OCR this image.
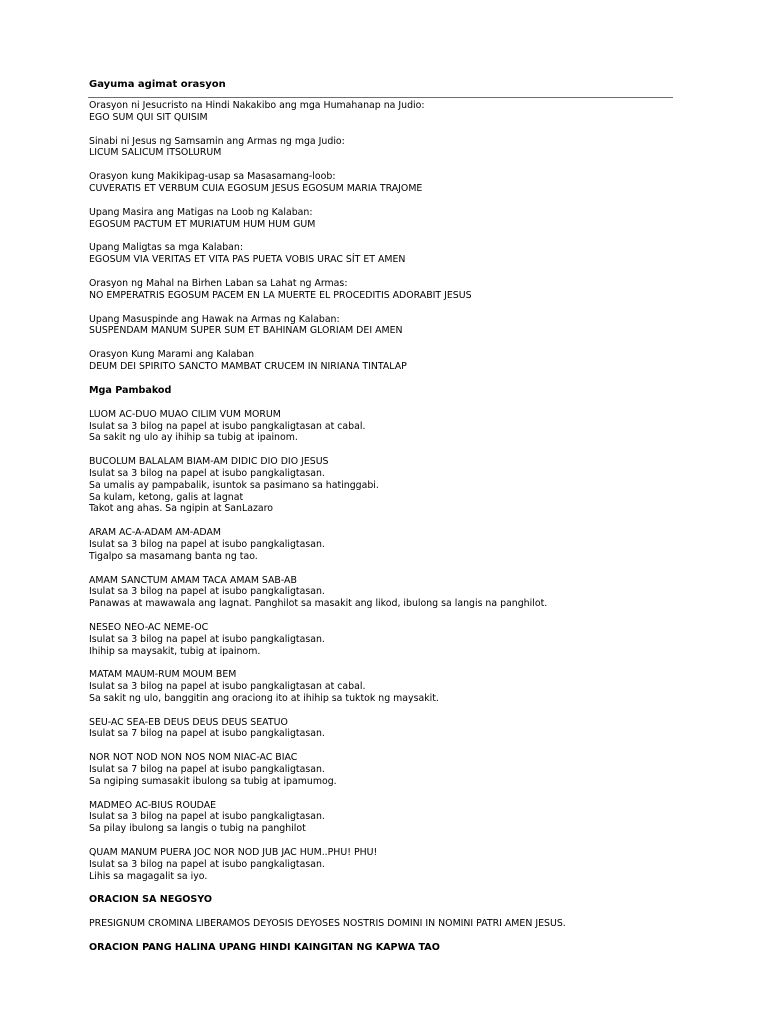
Gayuma agimat orasyon
Orasyon ni Jesucristo na Hindi Nakakibo ang mga Humahanap na Judio:
EGO SUM QUI SIT QUISIM
Sinabi ni Jesus ng Samsamin ang Armas ng mga Judio:
LICUM SALICUM ITSOLURUM
Orasyon kung Makikipag-usap sa Masasamang-loob:
CUVERATIS ET VERBUM CUIA EGOSUM JESUS EGOSUM MARIA TRAJOME
Upang Masira ang Matigas na Loob ng Kalaban:
EGOSUM PACTUM ET MURIATUM HUM HUM GUM
Upang Maligtas sa mga Kalaban:
EGOSUM VIA VERITAS ET VITA PAS PUETA VOBIS URAC SÍT ET AMEN
Orasyon ng Mahal na Birhen Laban sa Lahat ng Armas:
NO EMPERATRIS EGOSUM PACEM EN LA MUERTE EL PROCEDITIS ADORABIT JESUS
Upang Masuspinde ang Hawak na Armas ng Kalaban:
SUSPENDAM MANUM SUPER SUM ET BAHINAM GLORIAM DEI AMEN
Orasyon Kung Marami ang Kalaban
DEUM DEI SPIRITO SANCTO MAMBAT CRUCEM IN NIRIANA TINTALAP
Mga Pambakod
LUOM AC-DUO MUAO CILIM VUM MORUM
Isulat sa 3 bilog na papel at isubo pangkaligtasan at cabal.
Sa sakit ng ulo ay ihihip sa tubig at ipainom.
BUCOLUM BALALAM BIAM-AM DIDIC DIO DIO JESUS
Isulat sa 3 bilog na papel at isubo pangkaligtasan.
Sa umalis ay pampabalik, isuntok sa pasimano sa hatinggabi.
Sa kulam, ketong, galis at lagnat
Takot ang ahas. Sa ngipin at SanLazaro
ARAM AC-A-ADAM AM-ADAM
Isulat sa 3 bilog na papel at isubo pangkaligtasan.
Tigalpo sa masamang banta ng tao.
AMAM SANCTUM AMAM TACA AMAM SAB-AB
Isulat sa 3 bilog na papel at isubo pangkaligtasan.
Panawas at mawawala ang lagnat. Panghilot sa masakit ang likod, ibulong sa langis na panghilot.
NESEO NEO-AC NEME-OC
Isulat sa 3 bilog na papel at isubo pangkaligtasan.
Ihihip sa maysakit, tubig at ipainom.
MATAM MAUM-RUM MOUM BEM
Isulat sa 3 bilog na papel at isubo pangkaligtasan at cabal.
Sa sakit ng ulo, banggitin ang oraciong ito at ihihip sa tuktok ng maysakit.
SEU-AC SEA-EB DEUS DEUS DEUS SEATUO
Isulat sa 7 bilog na papel at isubo pangkaligtasan.
NOR NOT NOD NON NOS NOM NIAC-AC BIAC
Isulat sa 7 bilog na papel at isubo pangkaligtasan.
Sa ngiping sumasakit ibulong sa tubig at ipamumog.
MADMEO AC-BIUS ROUDAE
Isulat sa 3 bilog na papel at isubo pangkaligtasan.
Sa pilay ibulong sa langis o tubig na panghilot
QUAM MANUM PUERA JOC NOR NOD JUB JAC HUM..PHU! PHU!
Isulat sa 3 bilog na papel at isubo pangkaligtasan.
Lihis sa magagalit sa iyo.
ORACION SA NEGOSYO
PRESIGNUM CROMINA LIBERAMOS DEYOSIS DEYOSES NOSTRIS DOMINI IN NOMINI PATRI AMEN JESUS.
ORACION PANG HALINA UPANG HINDI KAINGITAN NG KAPWA TAO
